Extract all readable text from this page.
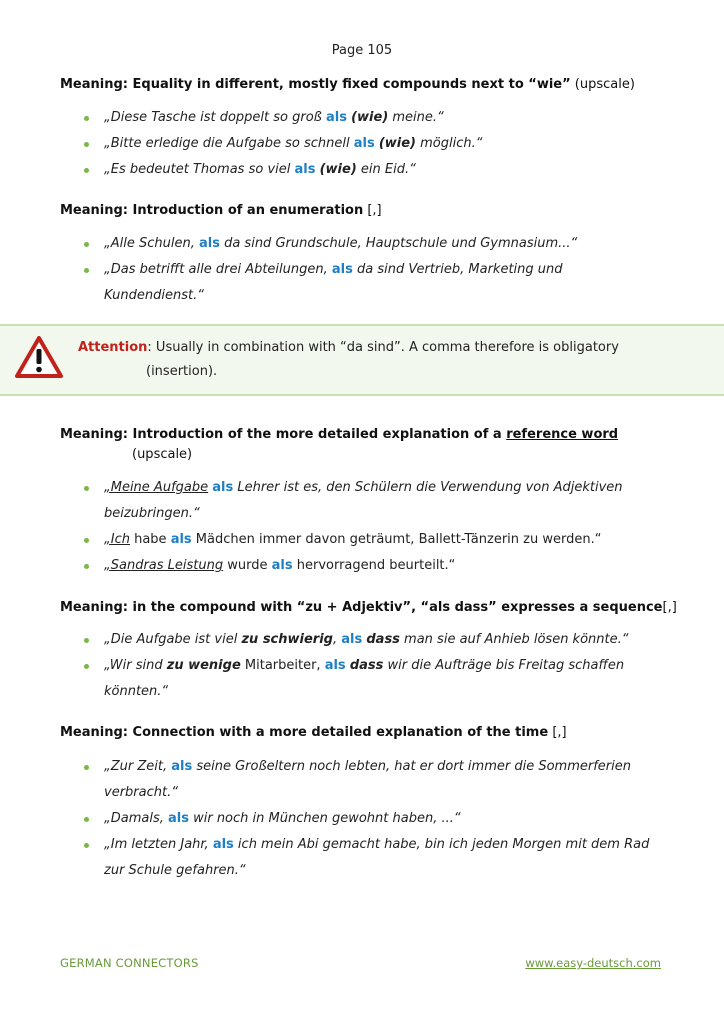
Page 105
Meaning: Equality in different, mostly fixed compounds next to “wie” (upscale)
„Diese Tasche ist doppelt so groß als (wie) meine.“
„Bitte erledige die Aufgabe so schnell als (wie) möglich.“
„Es bedeutet Thomas so viel als (wie) ein Eid.“
Meaning: Introduction of an enumeration [,]
„Alle Schulen, als da sind Grundschule, Hauptschule und Gymnasium...“
„Das betrifft alle drei Abteilungen, als da sind Vertrieb, Marketing und Kundendienst.“
Attention: Usually in combination with “da sind”. A comma therefore is obligatory
(insertion).
Meaning: Introduction of the more detailed explanation of a reference word
(upscale)
„Meine Aufgabe als Lehrer ist es, den Schülern die Verwendung von Adjektiven beizubringen.“
„Ich habe als Mädchen immer davon geträumt, Ballett-Tänzerin zu werden.“
„Sandras Leistung wurde als hervorragend beurteilt.“
Meaning: in the compound with “zu + Adjektiv”, “als dass” expresses a sequence[,]
„Die Aufgabe ist viel zu schwierig, als dass man sie auf Anhieb lösen könnte.“
„Wir sind zu wenige Mitarbeiter, als dass wir die Aufträge bis Freitag schaffen könnten.“
Meaning: Connection with a more detailed explanation of the time [,]
„Zur Zeit, als seine Großeltern noch lebten, hat er dort immer die Sommerferien verbracht.“
„Damals, als wir noch in München gewohnt haben, ...“
„Im letzten Jahr, als ich mein Abi gemacht habe, bin ich jeden Morgen mit dem Rad zur Schule gefahren.“
GERMAN CONNECTORS	www.easy-deutsch.com
